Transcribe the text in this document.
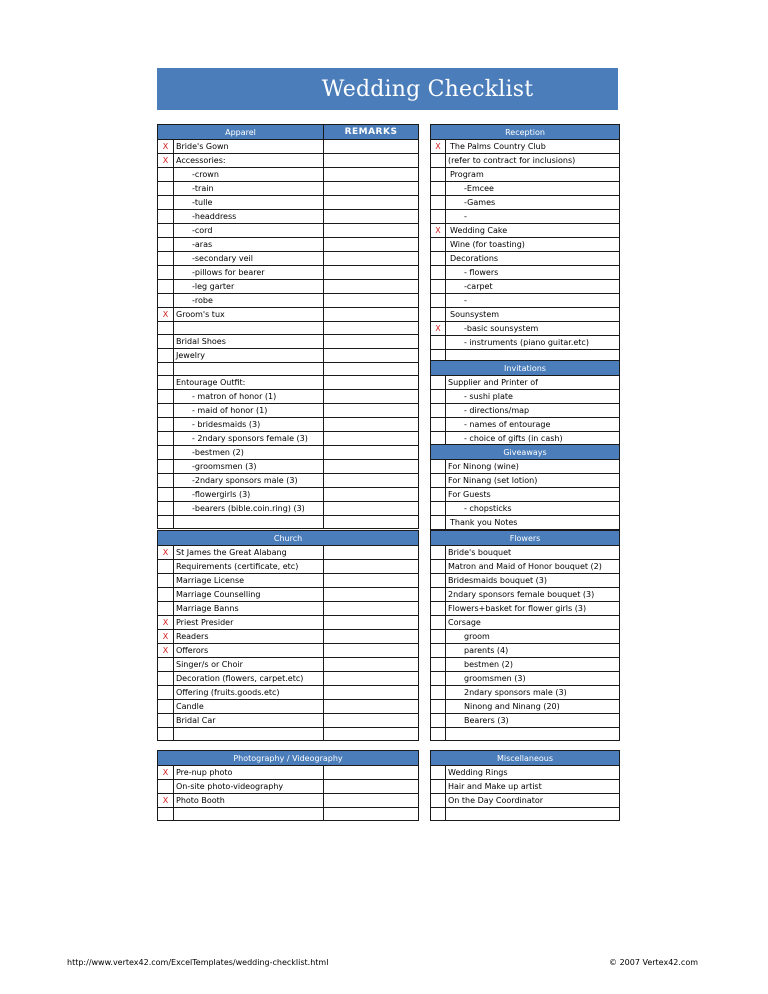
Wedding Checklist
Apparel		REMARKS
X	Bride's Gown	
X	Accessories:	
	-crown	
	-train	
	-tulle	
	-headdress	
	-cord	
	-aras	
	-secondary veil	
	-pillows for bearer	
	-leg garter	
	-robe	
X	Groom's tux	

	Bridal Shoes	
	Jewelry	

	Entourage Outfit:	
	- matron of honor (1)	
	- maid of honor (1)	
	- bridesmaids (3)	
	- 2ndary sponsors female (3)	
	-bestmen (2)	
	-groomsmen (3)	
	-2ndary sponsors male (3)	
	-flowergirls (3)	
	-bearers (bible.coin.ring) (3)	

Church		
X	St James the Great Alabang	
	Requirements (certificate, etc)	
	Marriage License	
	Marriage Counselling	
	Marriage Banns	
X	Priest Presider	
X	Readers	
X	Offerors	
	Singer/s or Choir	
	Decoration (flowers, carpet.etc)	
	Offering (fruits.goods.etc)	
	Candle	
	Bridal Car	

Photography / Videography		
X	Pre-nup photo	
	On-site photo-videography	
X	Photo Booth	

Reception	
X	The Palms Country Club
	(refer to contract for inclusions)
	Program
	-Emcee
	-Games
	-
X	Wedding Cake
	Wine (for toasting)
	Decorations
	- flowers
	-carpet
	-
	Sounsystem
X	-basic sounsystem
	- instruments (piano guitar.etc)

Invitations	
	Supplier and Printer of
	- sushi plate
	- directions/map
	- names of entourage
	- choice of gifts (in cash)
Giveaways	
	For Ninong (wine)
	For Ninang (set lotion)
	For Guests
	- chopsticks
	Thank you Notes
Flowers	
	Bride's bouquet
	Matron and Maid of Honor bouquet (2)
	Bridesmaids bouquet (3)
	2ndary sponsors female bouquet (3)
	Flowers+basket for flower girls (3)
	Corsage
	groom
	parents (4)
	bestmen (2)
	groomsmen (3)
	2ndary sponsors male (3)
	Ninong and Ninang (20)
	Bearers (3)

Miscellaneous	
	Wedding Rings
	Hair and Make up artist
	On the Day Coordinator

http://www.vertex42.com/ExcelTemplates/wedding-checklist.html	© 2007 Vertex42.com
